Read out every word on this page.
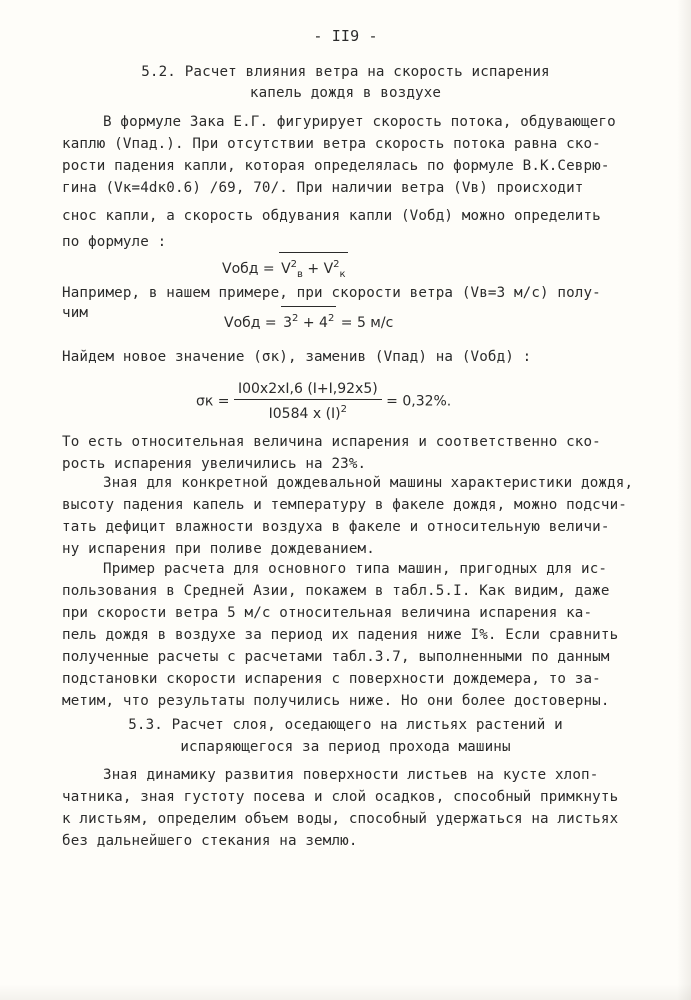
- II9 -
5.2. Расчет влияния ветра на скорость испарения
капель дождя в воздухе
В формуле Зака Е.Г. фигурирует скорость потока, обдувающего
каплю (Vпад.). При отсутствии ветра скорость потока равна ско-
рости падения капли, которая определялась по формуле В.К.Севрю-
гина (Vк=4dк0.6) /69, 70/. При наличии ветра (Vв) происходит
снос капли, а скорость обдувания капли (Vобд) можно определить
по формуле :
Vобд = $V^2_в + V^2_к$
Например, в нашем примере, при скорости ветра (Vв=3 м/с) полу-
чим
Vобд = $3^2 + 4^2 = 5$ м/с
Найдем новое значение (σк), заменив (Vпад) на (Vобд) :
$\sigma к = \frac{I00x2xI,6 (I+I,92x5)}{I0584 x (I)^2} = 0,32\%$.
То есть относительная величина испарения и соответственно ско-
рость испарения увеличились на 23%.
Зная для конкретной дождевальной машины характеристики дождя,
высоту падения капель и температуру в факеле дождя, можно подсчи-
тать дефицит влажности воздуха в факеле и относительную величи-
ну испарения при поливе дождеванием.
Пример расчета для основного типа машин, пригодных для ис-
пользования в Средней Азии, покажем в табл.5.I. Как видим, даже
при скорости ветра 5 м/с относительная величина испарения ка-
пель дождя в воздухе за период их падения ниже I%. Если сравнить
полученные расчеты с расчетами табл.3.7, выполненными по данным
подстановки скорости испарения с поверхности дождемера, то за-
метим, что результаты получились ниже. Но они более достоверны.
5.3. Расчет слоя, оседающего на листьях растений и
испаряющегося за период прохода машины
Зная динамику развития поверхности листьев на кусте хлоп-
чатника, зная густоту посева и слой осадков, способный примкнуть
к листьям, определим объем воды, способный удержаться на листьях
без дальнейшего стекания на землю.
